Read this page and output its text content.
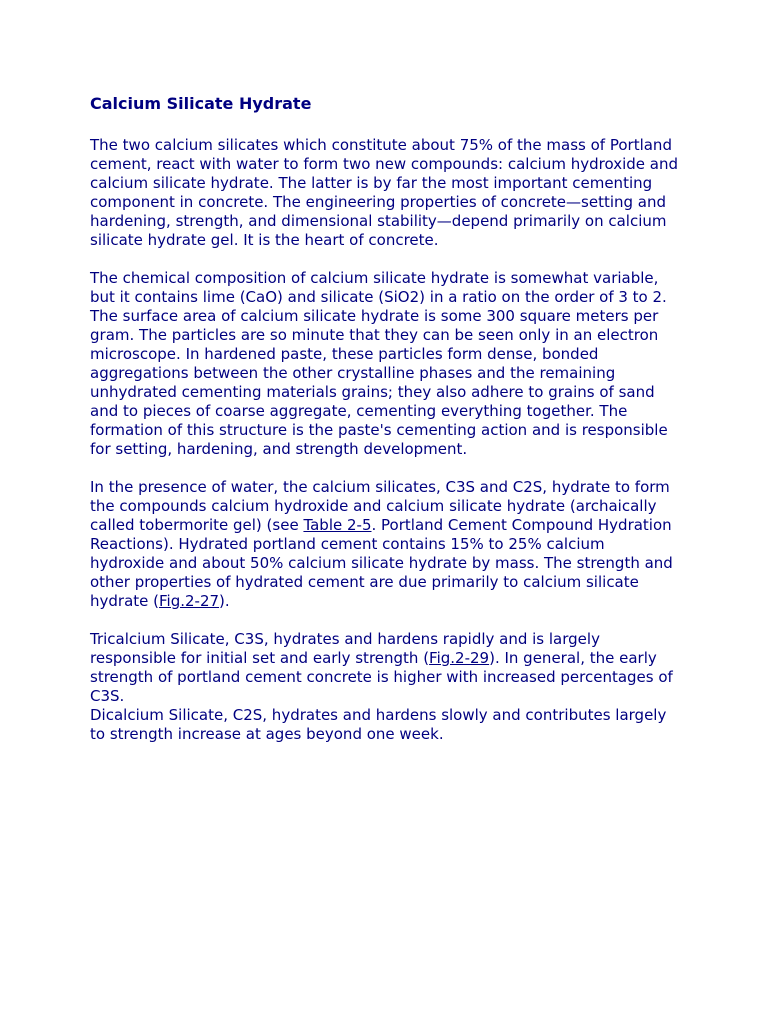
Calcium Silicate Hydrate

The two calcium silicates which constitute about 75% of the mass of Portland cement, react with water to form two new compounds: calcium hydroxide and calcium silicate hydrate. The latter is by far the most important cementing component in concrete. The engineering properties of concrete—setting and hardening, strength, and dimensional stability—depend primarily on calcium silicate hydrate gel. It is the heart of concrete.

The chemical composition of calcium silicate hydrate is somewhat variable, but it contains lime (CaO) and silicate (SiO2) in a ratio on the order of 3 to 2. The surface area of calcium silicate hydrate is some 300 square meters per gram. The particles are so minute that they can be seen only in an electron microscope. In hardened paste, these particles form dense, bonded aggregations between the other crystalline phases and the remaining unhydrated cementing materials grains; they also adhere to grains of sand and to pieces of coarse aggregate, cementing everything together. The formation of this structure is the paste's cementing action and is responsible for setting, hardening, and strength development.

In the presence of water, the calcium silicates, C3S and C2S, hydrate to form the compounds calcium hydroxide and calcium silicate hydrate (archaically called tobermorite gel) (see Table 2-5. Portland Cement Compound Hydration Reactions). Hydrated portland cement contains 15% to 25% calcium hydroxide and about 50% calcium silicate hydrate by mass. The strength and other properties of hydrated cement are due primarily to calcium silicate hydrate (Fig.2-27).

Tricalcium Silicate, C3S, hydrates and hardens rapidly and is largely responsible for initial set and early strength (Fig.2-29). In general, the early strength of portland cement concrete is higher with increased percentages of C3S.

Dicalcium Silicate, C2S, hydrates and hardens slowly and contributes largely to strength increase at ages beyond one week.
